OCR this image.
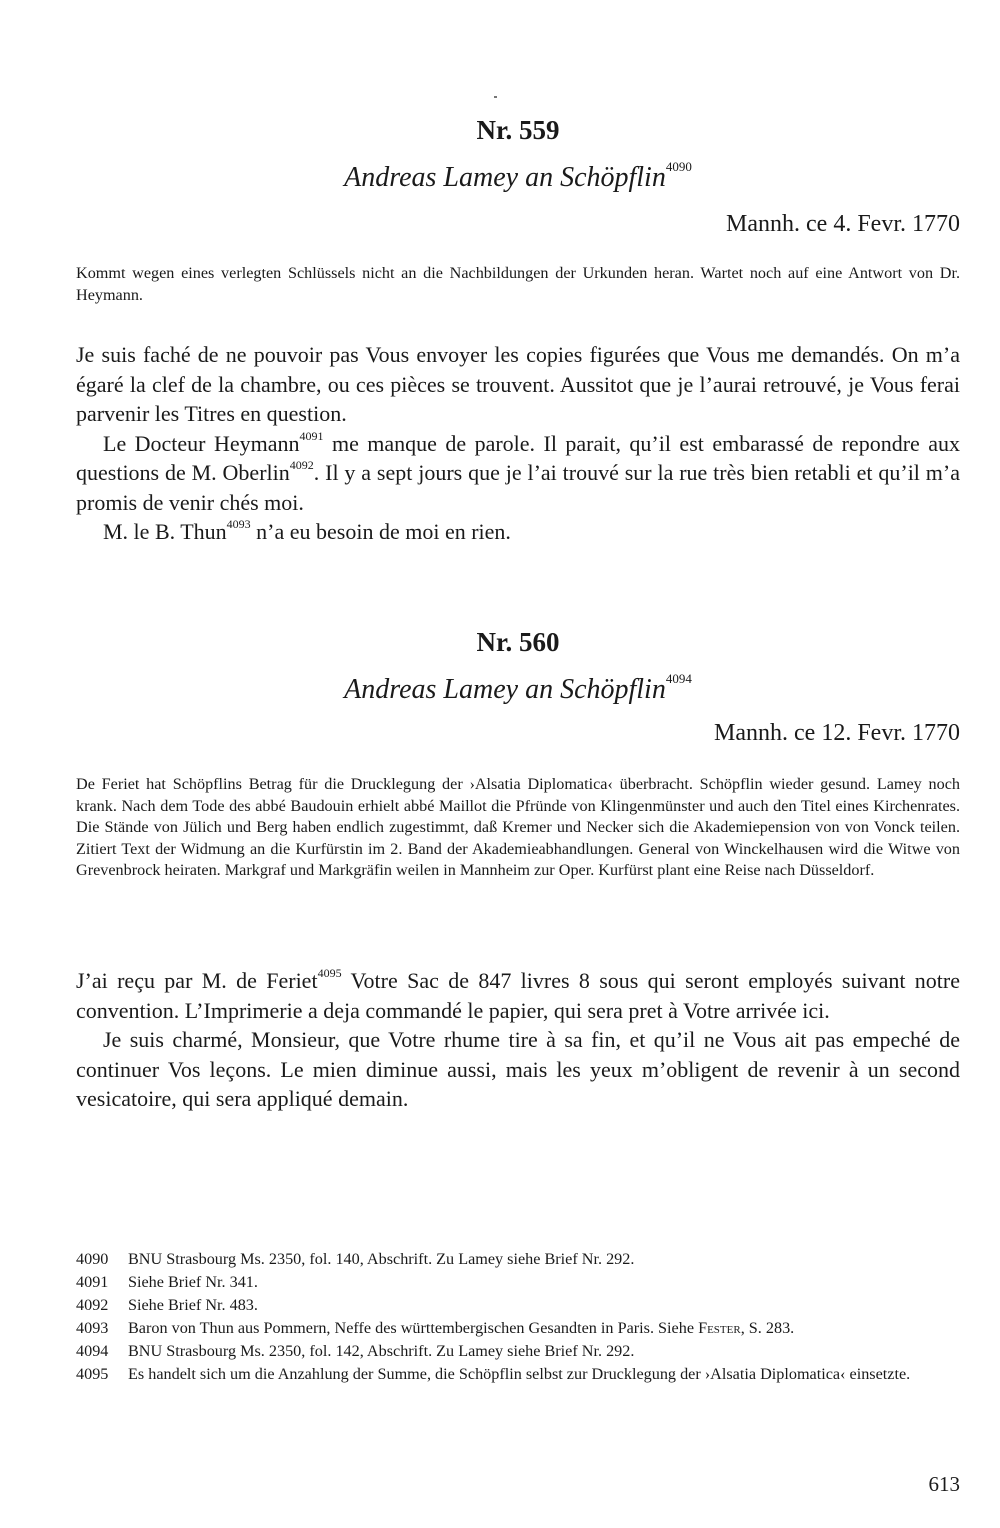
Nr. 559
Andreas Lamey an Schöpflin$^{4090}$
Mannh. ce 4. Fevr. 1770
Kommt wegen eines verlegten Schlüssels nicht an die Nachbildungen der Urkunden heran. Wartet noch auf eine Antwort von Dr. Heymann.

Je suis faché de ne pouvoir pas Vous envoyer les copies figurées que Vous me demandés. On m’a égaré la clef de la chambre, ou ces pièces se trouvent. Aussitot que je l’aurai retrouvé, je Vous ferai parvenir les Titres en question.

Le Docteur Heymann$^{4091}$ me manque de parole. Il parait, qu’il est embarassé de repondre aux questions de M. Oberlin$^{4092}$. Il y a sept jours que je l’ai trouvé sur la rue très bien retabli et qu’il m’a promis de venir chés moi.

M. le B. Thun$^{4093}$ n’a eu besoin de moi en rien.

Nr. 560
Andreas Lamey an Schöpflin$^{4094}$
Mannh. ce 12. Fevr. 1770
De Feriet hat Schöpflins Betrag für die Drucklegung der ›Alsatia Diplomatica‹ überbracht. Schöpflin wieder gesund. Lamey noch krank. Nach dem Tode des abbé Baudouin erhielt abbé Maillot die Pfründe von Klingenmünster und auch den Titel eines Kirchenrates. Die Stände von Jülich und Berg haben endlich zugestimmt, daß Kremer und Necker sich die Akademiepension von von Vonck teilen. Zitiert Text der Widmung an die Kurfürstin im 2. Band der Akademieabhandlungen. General von Winckelhausen wird die Witwe von Grevenbrock heiraten. Markgraf und Markgräfin weilen in Mannheim zur Oper. Kurfürst plant eine Reise nach Düsseldorf.

J’ai reçu par M. de Feriet$^{4095}$ Votre Sac de 847 livres 8 sous qui seront employés suivant notre convention. L’Imprimerie a deja commandé le papier, qui sera pret à Votre arrivée ici.

Je suis charmé, Monsieur, que Votre rhume tire à sa fin, et qu’il ne Vous ait pas empeché de continuer Vos leçons. Le mien diminue aussi, mais les yeux m’obligent de revenir à un second vesicatoire, qui sera appliqué demain.

4090 BNU Strasbourg Ms. 2350, fol. 140, Abschrift. Zu Lamey siehe Brief Nr. 292.
4091 Siehe Brief Nr. 341.
4092 Siehe Brief Nr. 483.
4093 Baron von Thun aus Pommern, Neffe des württembergischen Gesandten in Paris. Siehe Fester, S. 283.
4094 BNU Strasbourg Ms. 2350, fol. 142, Abschrift. Zu Lamey siehe Brief Nr. 292.
4095 Es handelt sich um die Anzahlung der Summe, die Schöpflin selbst zur Drucklegung der ›Alsatia Diplomatica‹ einsetzte.
613
